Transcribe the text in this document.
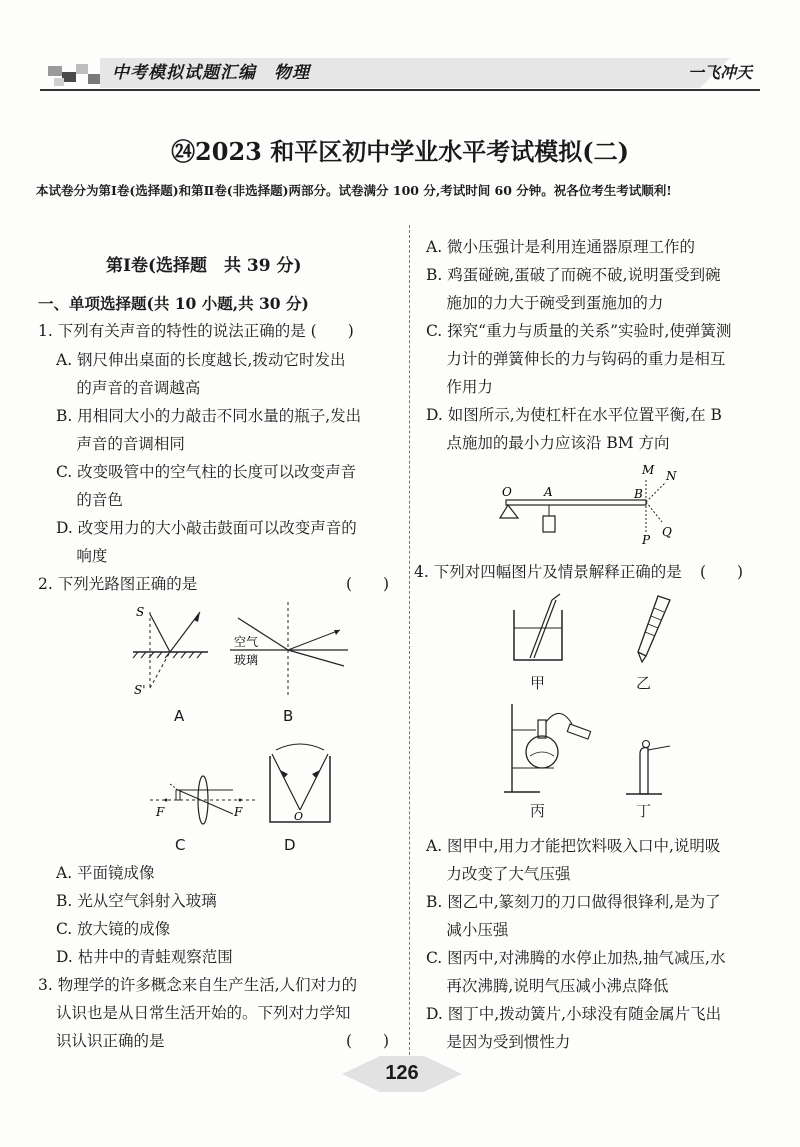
中考模拟试题汇编　物理	一飞冲天
㉔2023 和平区初中学业水平考试模拟(二)
本试卷分为第Ⅰ卷(选择题)和第Ⅱ卷(非选择题)两部分。试卷满分 100 分,考试时间 60 分钟。祝各位考生考试顺利!
第Ⅰ卷(选择题　共 39 分)
一、单项选择题(共 10 小题,共 30 分)
1. 下列有关声音的特性的说法正确的是 (　　)
A. 钢尺伸出桌面的长度越长,拨动它时发出
　 的声音的音调越高
B. 用相同大小的力敲击不同水量的瓶子,发出
　 声音的音调相同
C. 改变吸管中的空气柱的长度可以改变声音
　 的音色
D. 改变用力的大小敲击鼓面可以改变声音的
　 响度
2. 下列光路图正确的是	(　　)
S
S'
A
空气
玻璃
B
F	F
C
O
D
A. 平面镜成像
B. 光从空气斜射入玻璃
C. 放大镜的成像
D. 枯井中的青蛙观察范围
3. 物理学的许多概念来自生产生活,人们对力的
认识也是从日常生活开始的。下列对力学知
识认识正确的是	(　　)
A. 微小压强计是利用连通器原理工作的
B. 鸡蛋碰碗,蛋破了而碗不破,说明蛋受到碗
　 施加的力大于碗受到蛋施加的力
C. 探究“重力与质量的关系”实验时,使弹簧测
　 力计的弹簧伸长的力与钩码的重力是相互
　 作用力
D. 如图所示,为使杠杆在水平位置平衡,在 B
　 点施加的最小力应该沿 BM 方向
O	A	B
M N
P
Q
4. 下列对四幅图片及情景解释正确的是 (　　)
甲	乙
丙	丁
A. 图甲中,用力才能把饮料吸入口中,说明吸
　 力改变了大气压强
B. 图乙中,篆刻刀的刀口做得很锋利,是为了
　 减小压强
C. 图丙中,对沸腾的水停止加热,抽气减压,水
　 再次沸腾,说明气压减小沸点降低
D. 图丁中,拨动簧片,小球没有随金属片飞出
　 是因为受到惯性力
126
